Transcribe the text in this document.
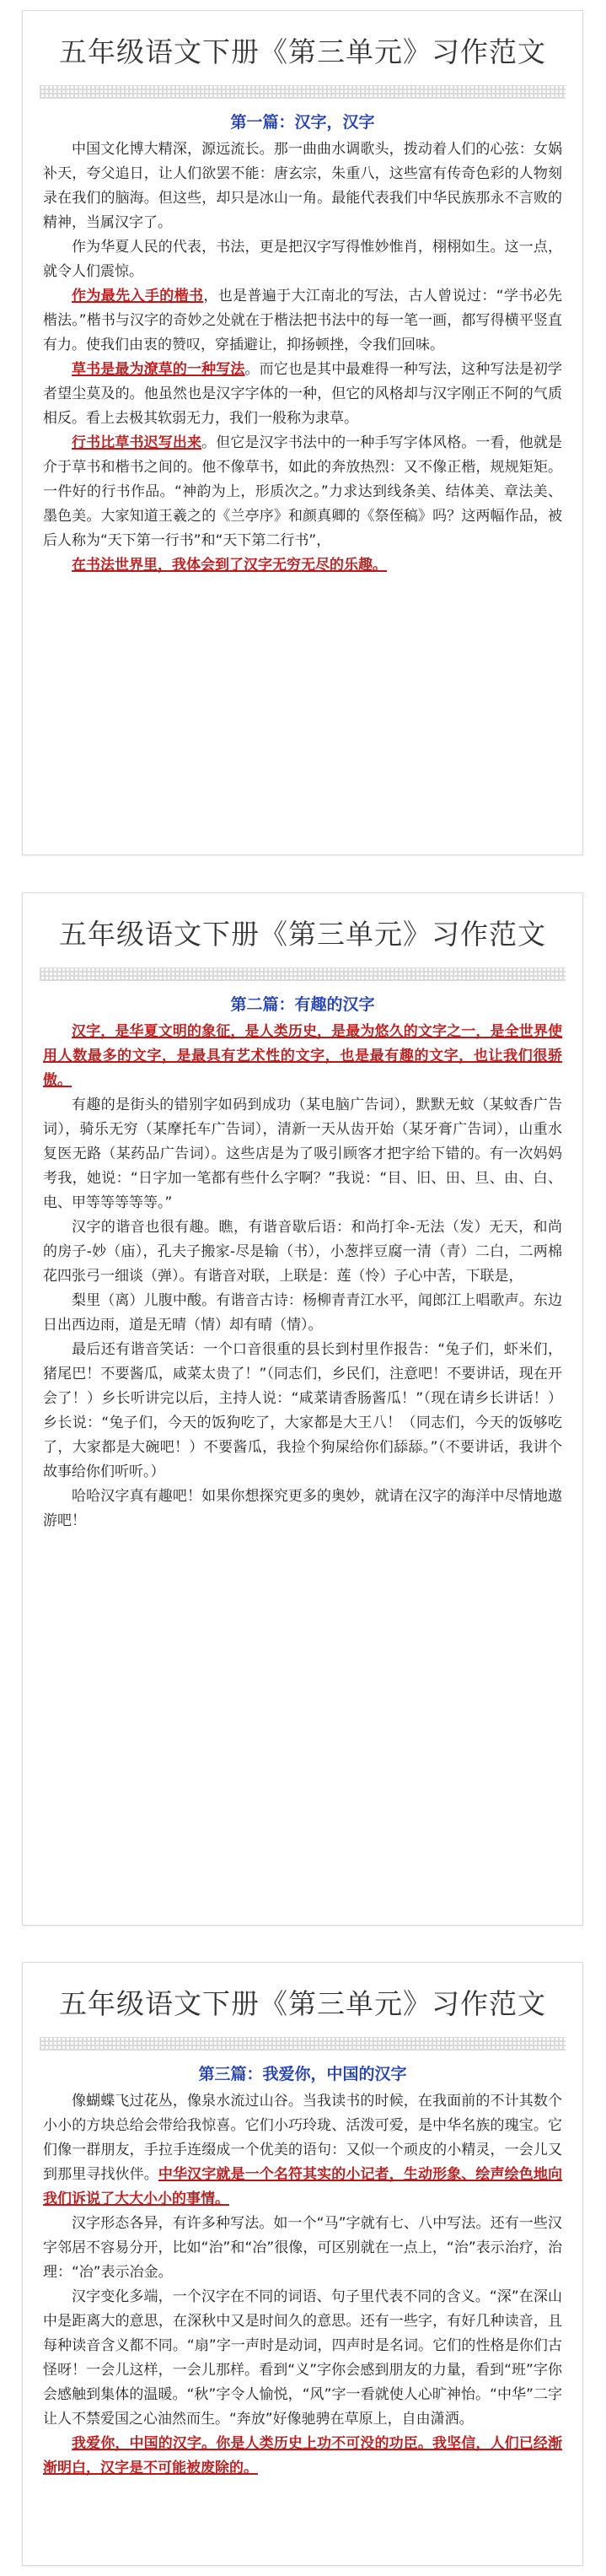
五年级语文下册《第三单元》习作范文
第一篇：汉字，汉字

中国文化博大精深，源远流长。那一曲曲水调歌头，拨动着人们的心弦：女娲补天，夸父追日，让人们欲罢不能：唐玄宗，朱重八，这些富有传奇色彩的人物刻录在我们的脑海。但这些，却只是冰山一角。最能代表我们中华民族那永不言败的精神，当属汉字了。

作为华夏人民的代表，书法，更是把汉字写得惟妙惟肖，栩栩如生。这一点，就令人们震惊。

作为最先入手的楷书，也是普遍于大江南北的写法，古人曾说过：“学书必先楷法。”楷书与汉字的奇妙之处就在于楷法把书法中的每一笔一画，都写得横平竖直有力。使我们由衷的赞叹，穿插避让，抑扬顿挫，令我们回味。

草书是最为潦草的一种写法。而它也是其中最难得一种写法，这种写法是初学者望尘莫及的。他虽然也是汉字字体的一种，但它的风格却与汉字刚正不阿的气质相反。看上去极其软弱无力，我们一般称为隶草。

行书比草书迟写出来。但它是汉字书法中的一种手写字体风格。一看，他就是介于草书和楷书之间的。他不像草书，如此的奔放热烈：又不像正楷，规规矩矩。一件好的行书作品。“神韵为上，形质次之。”力求达到线条美、结体美、章法美、墨色美。大家知道王羲之的《兰亭序》和颜真卿的《祭侄稿》吗？这两幅作品，被后人称为“天下第一行书”和“天下第二行书”，

在书法世界里，我体会到了汉字无穷无尽的乐趣。

五年级语文下册《第三单元》习作范文
第二篇：有趣的汉字

汉字，是华夏文明的象征，是人类历史，是最为悠久的文字之一，是全世界使用人数最多的文字，是最具有艺术性的文字，也是最有趣的文字，也让我们很骄傲。

有趣的是街头的错别字如码到成功（某电脑广告词），默默无蚊（某蚊香广告词），骑乐无穷（某摩托车广告词），清新一天从齿开始（某牙膏广告词），山重水复医无路（某药品广告词）。这些店是为了吸引顾客才把字给下错的。有一次妈妈考我，她说：“日字加一笔都有些什么字啊？”我说：“目、旧、田、旦、由、白、电、甲等等等等等。”

汉字的谐音也很有趣。瞧，有谐音歇后语：和尚打伞-无法（发）无天，和尚的房子-妙（庙），孔夫子搬家-尽是输（书），小葱拌豆腐一清（青）二白，二两棉花四张弓一细谈（弹）。有谐音对联，上联是：莲（怜）子心中苦，下联是，

梨里（离）儿腹中酸。有谐音古诗：杨柳青青江水平，闻郎江上唱歌声。东边日出西边雨，道是无晴（情）却有晴（情）。

最后还有谐音笑话：一个口音很重的县长到村里作报告：“兔子们，虾米们，猪尾巴！不要酱瓜，咸菜太贵了！”（同志们，乡民们，注意吧！不要讲话，现在开会了！）乡长听讲完以后，主持人说：“咸菜请香肠酱瓜！”（现在请乡长讲话！）乡长说：“兔子们，今天的饭狗吃了，大家都是大王八！（同志们，今天的饭够吃了，大家都是大碗吧！）不要酱瓜，我捡个狗屎给你们舔舔。”（不要讲话，我讲个故事给你们听听。）

哈哈汉字真有趣吧！如果你想探究更多的奥妙，就请在汉字的海洋中尽情地遨游吧！

五年级语文下册《第三单元》习作范文
第三篇：我爱你，中国的汉字

像蝴蝶飞过花丛，像泉水流过山谷。当我读书的时候，在我面前的不计其数个小小的方块总给会带给我惊喜。它们小巧玲珑、活泼可爱，是中华名族的瑰宝。它们像一群朋友，手拉手连缀成一个优美的语句：又似一个顽皮的小精灵，一会儿又到那里寻找伙伴。中华汉字就是一个名符其实的小记者，生动形象、绘声绘色地向我们诉说了大大小小的事情。

汉字形态各异，有许多种写法。如一个“马”字就有七、八中写法。还有一些汉字邻居不容易分开，比如“治”和“冶”很像，可区别就在一点上，“治”表示治疗，治理：“冶”表示冶金。

汉字变化多端，一个汉字在不同的词语、句子里代表不同的含义。“深”在深山中是距离大的意思，在深秋中又是时间久的意思。还有一些字，有好几种读音，且每种读音含义都不同。“扇”字一声时是动词，四声时是名词。它们的性格是你们古怪呀！一会儿这样，一会儿那样。看到“义”字你会感到朋友的力量，看到“班”字你会感触到集体的温暖。“秋”字令人愉悦，“风”字一看就使人心旷神怡。“中华”二字让人不禁爱国之心油然而生。“奔放”好像驰骋在草原上，自由潇洒。

我爱你，中国的汉字。你是人类历史上功不可没的功臣。我坚信，人们已经渐渐明白，汉字是不可能被废除的。
